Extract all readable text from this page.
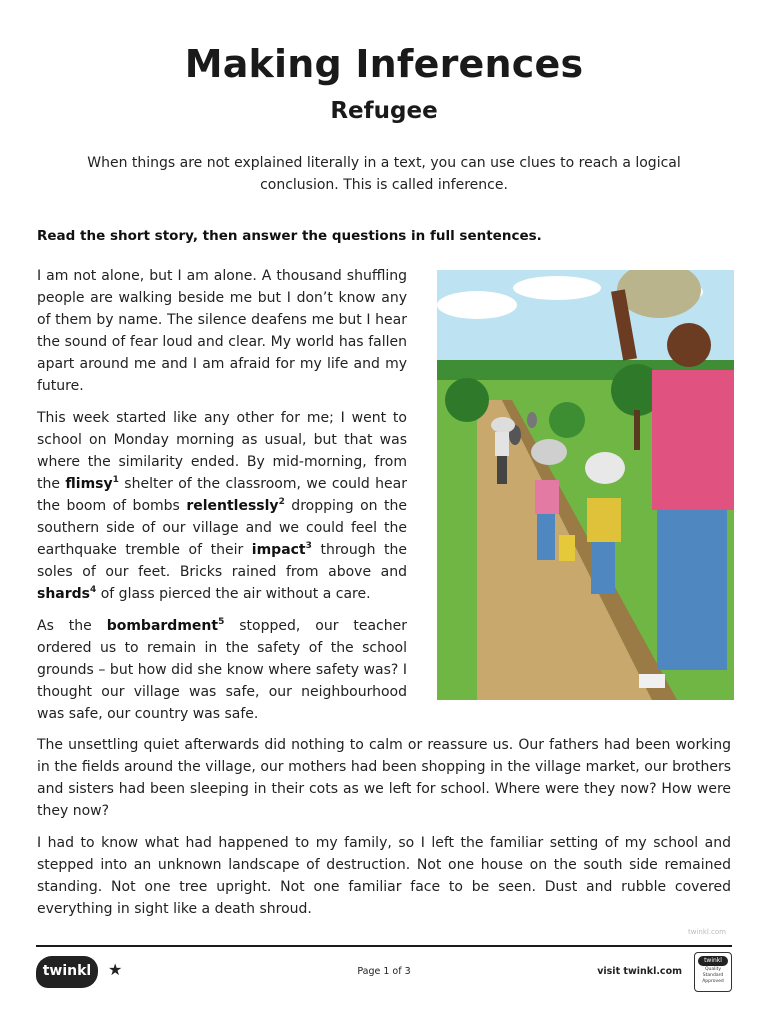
Making Inferences
Refugee

When things are not explained literally in a text, you can use clues to reach a logical conclusion. This is called inference.

Read the short story, then answer the questions in full sentences.

I am not alone, but I am alone. A thousand shuffling people are walking beside me but I don’t know any of them by name. The silence deafens me but I hear the sound of fear loud and clear. My world has fallen apart around me and I am afraid for my life and my future.

This week started like any other for me; I went to school on Monday morning as usual, but that was where the similarity ended. By mid-morning, from the flimsy$^1$ shelter of the classroom, we could hear the boom of bombs relentlessly$^2$ dropping on the southern side of our village and we could feel the earthquake tremble of their impact$^3$ through the soles of our feet. Bricks rained from above and shards$^4$ of glass pierced the air without a care.

As the bombardment$^5$ stopped, our teacher ordered us to remain in the safety of the school grounds – but how did she know where safety was? I thought our village was safe, our neighbourhood was safe, our country was safe.

The unsettling quiet afterwards did nothing to calm or reassure us. Our fathers had been working in the fields around the village, our mothers had been shopping in the village market, our brothers and sisters had been sleeping in their cots as we left for school. Where were they now? How were they now?

I had to know what had happened to my family, so I left the familiar setting of my school and stepped into an unknown landscape of destruction. Not one house on the south side remained standing. Not one tree upright. Not one familiar face to be seen. Dust and rubble covered everything in sight like a death shroud.

twinkl.com
twinkl	★	Page 1 of 3	visit twinkl.com
twinkl
Quality Standard Approved
